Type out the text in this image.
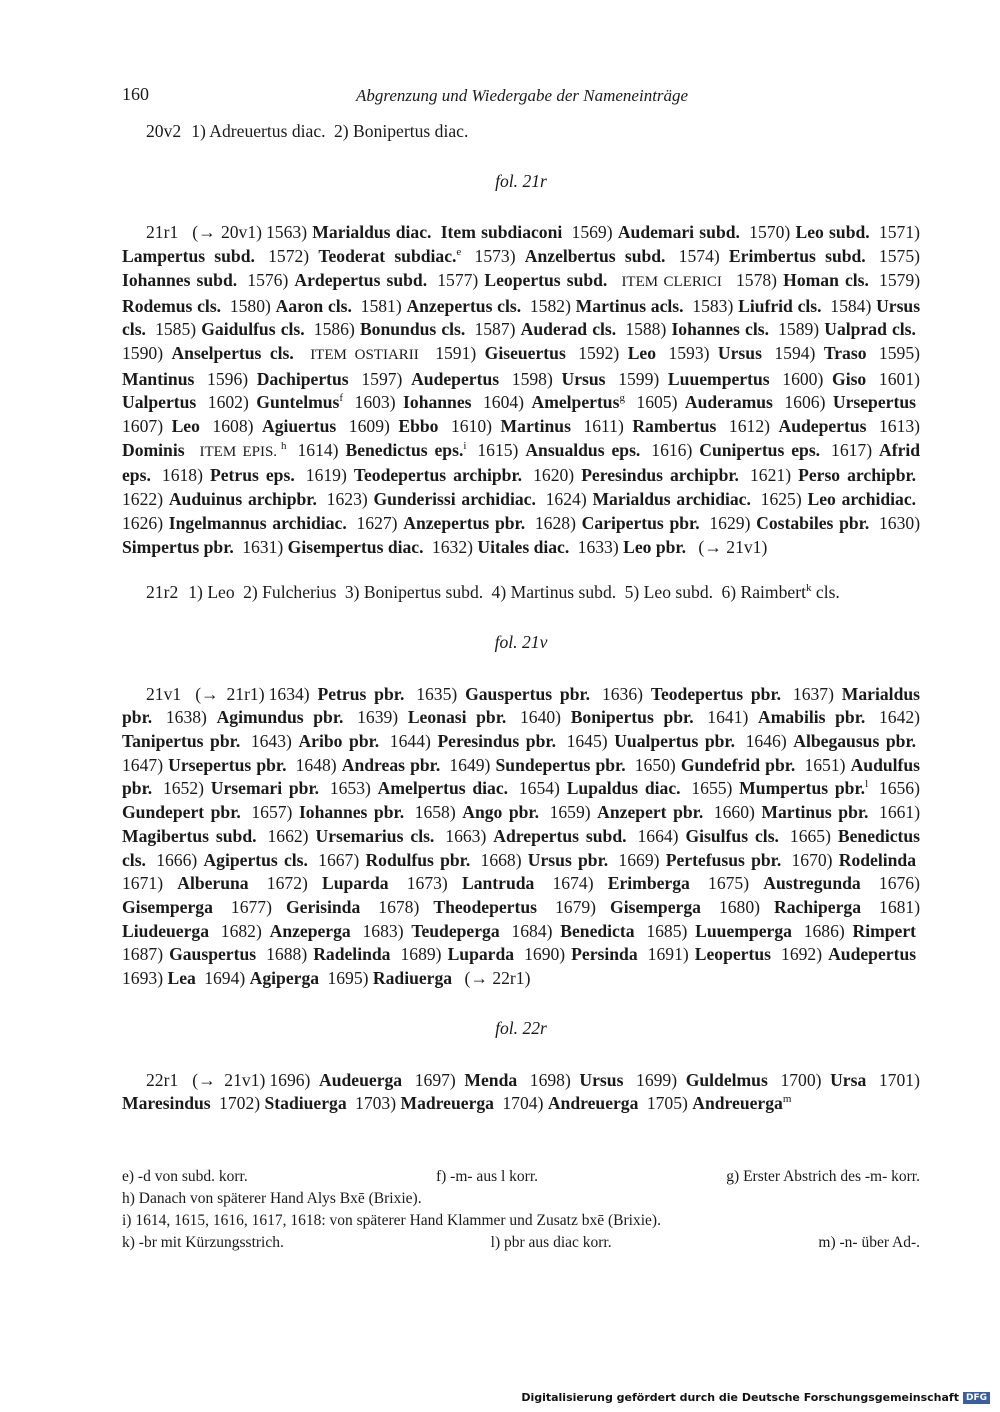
160	Abgrenzung und Wiedergabe der Nameneinträge

20v2 1) Adreuertus diac. 2) Bonipertus diac.

fol. 21r

21r1 (→ 20v1) 1563) Marialdus diac. Item subdiaconi 1569) Audemari subd. 1570) Leo subd. 1571) Lampertus subd. 1572) Teoderat subdiac.$^e$ 1573) Anzelbertus subd. 1574) Erimbertus subd. 1575) Iohannes subd. 1576) Ardepertus subd. 1577) Leopertus subd. ITEM CLERICI 1578) Homan cls. 1579) Rodemus cls. 1580) Aaron cls. 1581) Anzepertus cls. 1582) Martinus acls. 1583) Liufrid cls. 1584) Ursus cls. 1585) Gaidulfus cls. 1586) Bonundus cls. 1587) Auderad cls. 1588) Iohannes cls. 1589) Ualprad cls. 1590) Anselpertus cls. ITEM OSTIARII 1591) Giseuertus 1592) Leo 1593) Ursus 1594) Traso 1595) Mantinus 1596) Dachipertus 1597) Audepertus 1598) Ursus 1599) Luuempertus 1600) Giso 1601) Ualpertus 1602) Guntelmus$^f$ 1603) Iohannes 1604) Amelpertus$^g$ 1605) Auderamus 1606) Ursepertus 1607) Leo 1608) Agiuertus 1609) Ebbo 1610) Martinus 1611) Rambertus 1612) Audepertus 1613) Dominis ITEM EPIS. $^h$ 1614) Benedictus eps.$^i$ 1615) Ansualdus eps. 1616) Cunipertus eps. 1617) Afrid eps. 1618) Petrus eps. 1619) Teodepertus archipbr. 1620) Peresindus archipbr. 1621) Perso archipbr. 1622) Auduinus archipbr. 1623) Gunderissi archidiac. 1624) Marialdus archidiac. 1625) Leo archidiac. 1626) Ingelmannus archidiac. 1627) Anzepertus pbr. 1628) Caripertus pbr. 1629) Costabiles pbr. 1630) Simpertus pbr. 1631) Gisempertus diac. 1632) Uitales diac. 1633) Leo pbr. (→ 21v1)

21r2 1) Leo 2) Fulcherius 3) Bonipertus subd. 4) Martinus subd. 5) Leo subd. 6) Raimbert$^k$ cls.

fol. 21v

21v1 (→ 21r1) 1634) Petrus pbr. 1635) Gauspertus pbr. 1636) Teodepertus pbr. 1637) Marialdus pbr. 1638) Agimundus pbr. 1639) Leonasi pbr. 1640) Bonipertus pbr. 1641) Amabilis pbr. 1642) Tanipertus pbr. 1643) Aribo pbr. 1644) Peresindus pbr. 1645) Uualpertus pbr. 1646) Albegausus pbr. 1647) Ursepertus pbr. 1648) Andreas pbr. 1649) Sundepertus pbr. 1650) Gundefrid pbr. 1651) Audulfus pbr. 1652) Ursemari pbr. 1653) Amelpertus diac. 1654) Lupaldus diac. 1655) Mumpertus pbr.$^l$ 1656) Gundepert pbr. 1657) Iohannes pbr. 1658) Ango pbr. 1659) Anzepert pbr. 1660) Martinus pbr. 1661) Magibertus subd. 1662) Ursemarius cls. 1663) Adrepertus subd. 1664) Gisulfus cls. 1665) Benedictus cls. 1666) Agipertus cls. 1667) Rodulfus pbr. 1668) Ursus pbr. 1669) Pertefusus pbr. 1670) Rodelinda 1671) Alberuna 1672) Luparda 1673) Lantruda 1674) Erimberga 1675) Austregunda 1676) Gisemperga 1677) Gerisinda 1678) Theodepertus 1679) Gisemperga 1680) Rachiperga 1681) Liudeuerga 1682) Anzeperga 1683) Teudeperga 1684) Benedicta 1685) Luuemperga 1686) Rimpert 1687) Gauspertus 1688) Radelinda 1689) Luparda 1690) Persinda 1691) Leopertus 1692) Audepertus 1693) Lea 1694) Agiperga 1695) Radiuerga (→ 22r1)

fol. 22r

22r1 (→ 21v1) 1696) Audeuerga 1697) Menda 1698) Ursus 1699) Guldelmus 1700) Ursa 1701) Maresindus 1702) Stadiuerga 1703) Madreuerga 1704) Andreuerga 1705) Andreuerga$^m$

e) -d von subd. korr.	f) -m- aus l korr.	g) Erster Abstrich des -m- korr.
h) Danach von späterer Hand Alys Bxē (Brixie).
i) 1614, 1615, 1616, 1617, 1618: von späterer Hand Klammer und Zusatz bxē (Brixie).
k) -br mit Kürzungsstrich.	l) pbr aus diac korr.	m) -n- über Ad-.
Digitalisierung gefördert durch die Deutsche Forschungsgemeinschaft DFG
